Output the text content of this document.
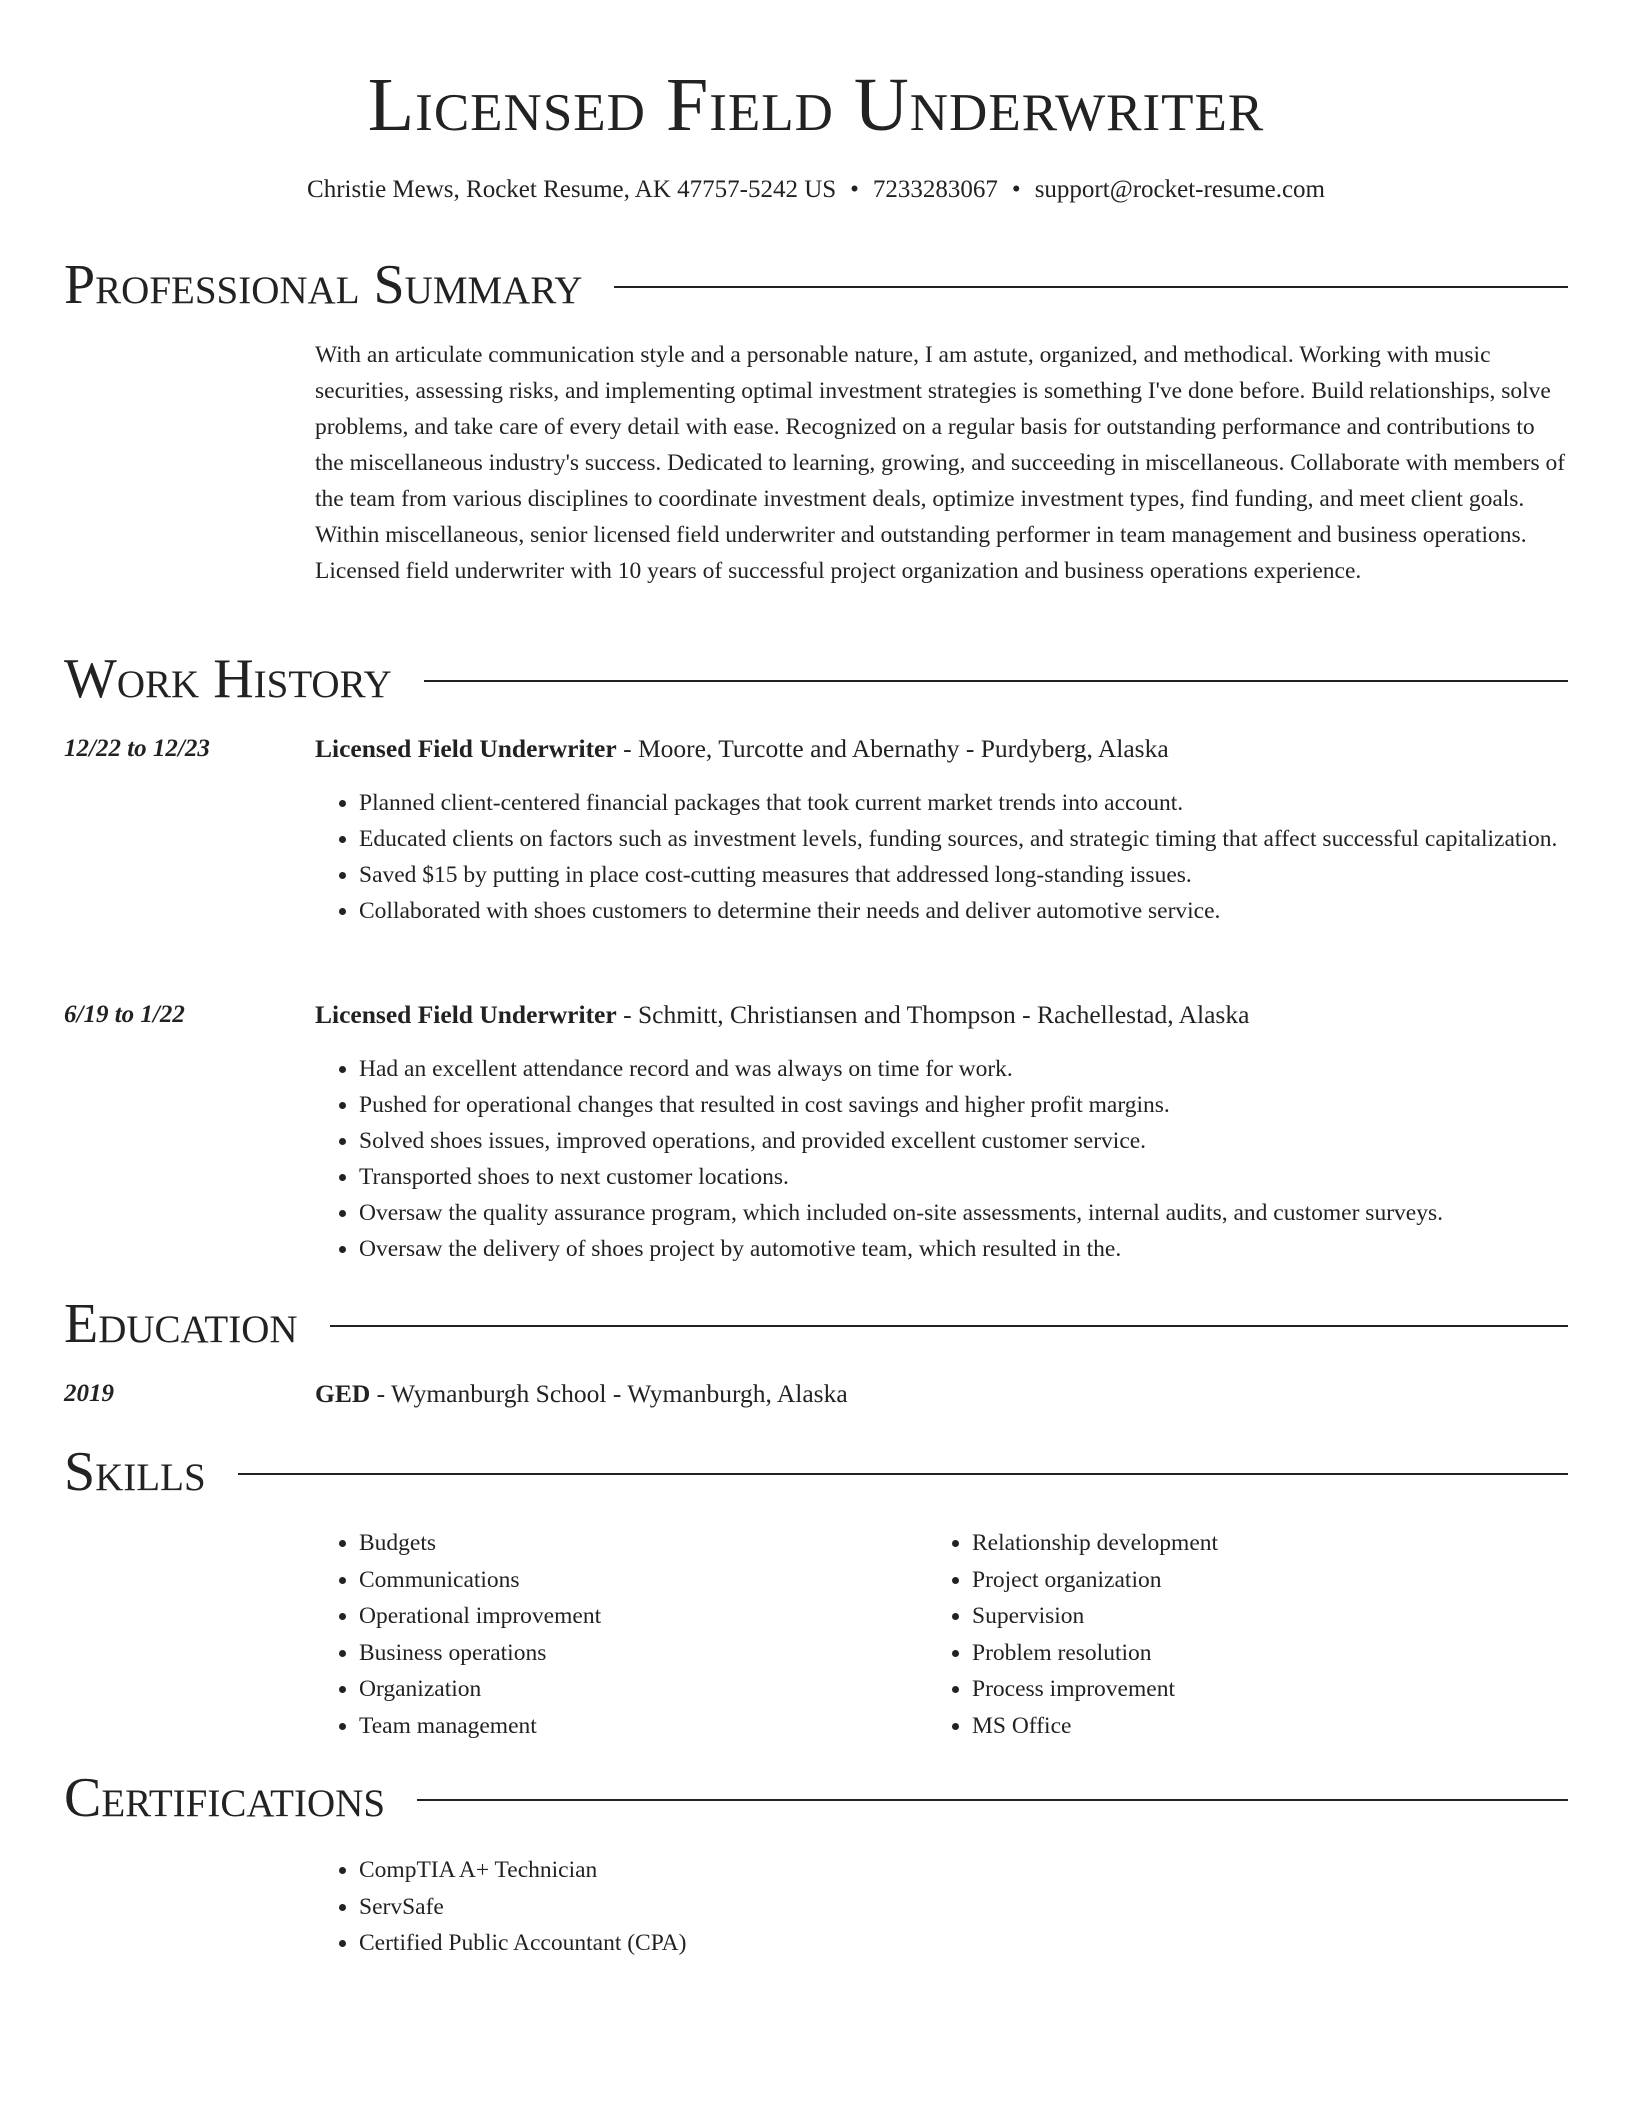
Licensed Field Underwriter
Christie Mews, Rocket Resume, AK 47757-5242 US • 7233283067 • support@rocket-resume.com
Professional Summary

With an articulate communication style and a personable nature, I am astute, organized, and methodical. Working with music securities, assessing risks, and implementing optimal investment strategies is something I've done before. Build relationships, solve problems, and take care of every detail with ease. Recognized on a regular basis for outstanding performance and contributions to the miscellaneous industry's success. Dedicated to learning, growing, and succeeding in miscellaneous. Collaborate with members of the team from various disciplines to coordinate investment deals, optimize investment types, find funding, and meet client goals. Within miscellaneous, senior licensed field underwriter and outstanding performer in team management and business operations. Licensed field underwriter with 10 years of successful project organization and business operations experience.

Work History
12/22 to 12/23	Licensed Field Underwriter - Moore, Turcotte and Abernathy - Purdyberg, Alaska
• Planned client-centered financial packages that took current market trends into account.
• Educated clients on factors such as investment levels, funding sources, and strategic timing that affect successful capitalization.
• Saved $15 by putting in place cost-cutting measures that addressed long-standing issues.
• Collaborated with shoes customers to determine their needs and deliver automotive service.
6/19 to 1/22	Licensed Field Underwriter - Schmitt, Christiansen and Thompson - Rachellestad, Alaska
• Had an excellent attendance record and was always on time for work.
• Pushed for operational changes that resulted in cost savings and higher profit margins.
• Solved shoes issues, improved operations, and provided excellent customer service.
• Transported shoes to next customer locations.
• Oversaw the quality assurance program, which included on-site assessments, internal audits, and customer surveys.
• Oversaw the delivery of shoes project by automotive team, which resulted in the.
Education
2019	GED - Wymanburgh School - Wymanburgh, Alaska
Skills
• Budgets
• Communications
• Operational improvement
• Business operations
• Organization
• Team management
• Relationship development
• Project organization
• Supervision
• Problem resolution
• Process improvement
• MS Office
Certifications
• CompTIA A+ Technician
• ServSafe
• Certified Public Accountant (CPA)
